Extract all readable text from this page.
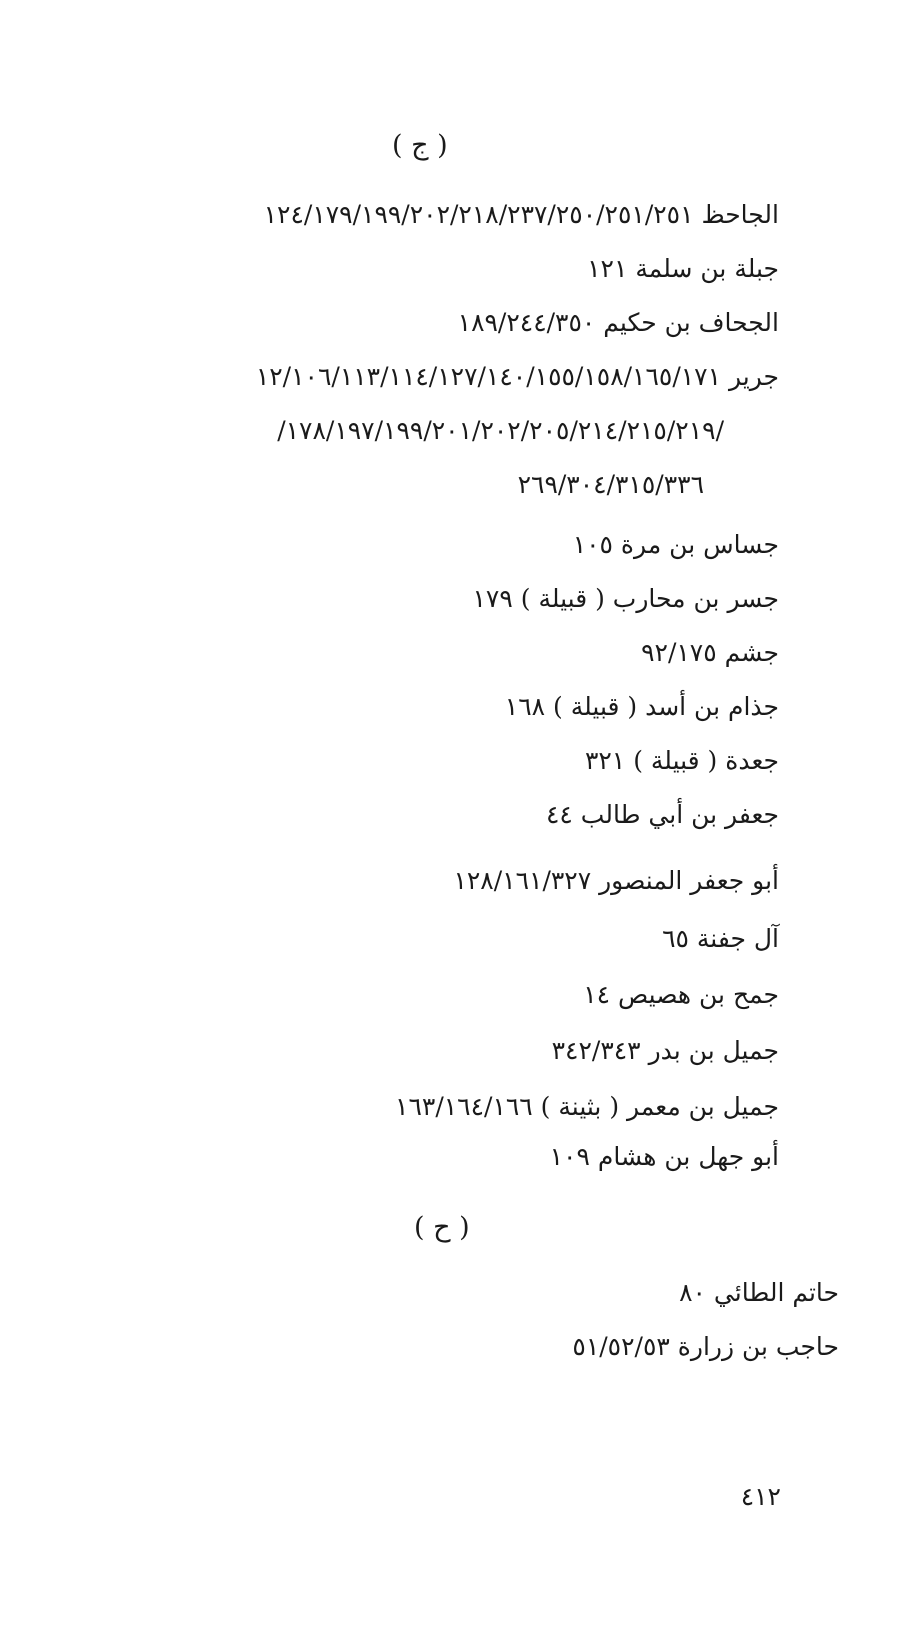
( ج )
الجاحظ ١٢٤/١٧٩/١٩٩/٢٠٢/٢١٨/٢٣٧/٢٥٠/٢٥١/٢٥١
جبلة بن سلمة ١٢١
الجحاف بن حكيم ١٨٩/٢٤٤/٣٥٠
جرير ١٢/١٠٦/١١٣/١١٤/١٢٧/١٤٠/١٥٥/١٥٨/١٦٥/١٧١
/١٧٨/١٩٧/١٩٩/٢٠١/٢٠٢/٢٠٥/٢١٤/٢١٥/٢١٩/
٢٦٩/٣٠٤/٣١٥/٣٣٦
جساس بن مرة ١٠٥
جسر بن محارب ( قبيلة ) ١٧٩
جشم ٩٢/١٧٥
جذام بن أسد ( قبيلة ) ١٦٨
جعدة ( قبيلة ) ٣٢١
جعفر بن أبي طالب ٤٤
أبو جعفر المنصور ١٢٨/١٦١/٣٢٧
آل جفنة ٦٥
جمح بن هصيص ١٤
جميل بن بدر ٣٤٢/٣٤٣
جميل بن معمر ( بثينة ) ١٦٣/١٦٤/١٦٦
أبو جهل بن هشام ١٠٩
( ح )
حاتم الطائي ٨٠
حاجب بن زرارة ٥١/٥٢/٥٣
٤١٢
